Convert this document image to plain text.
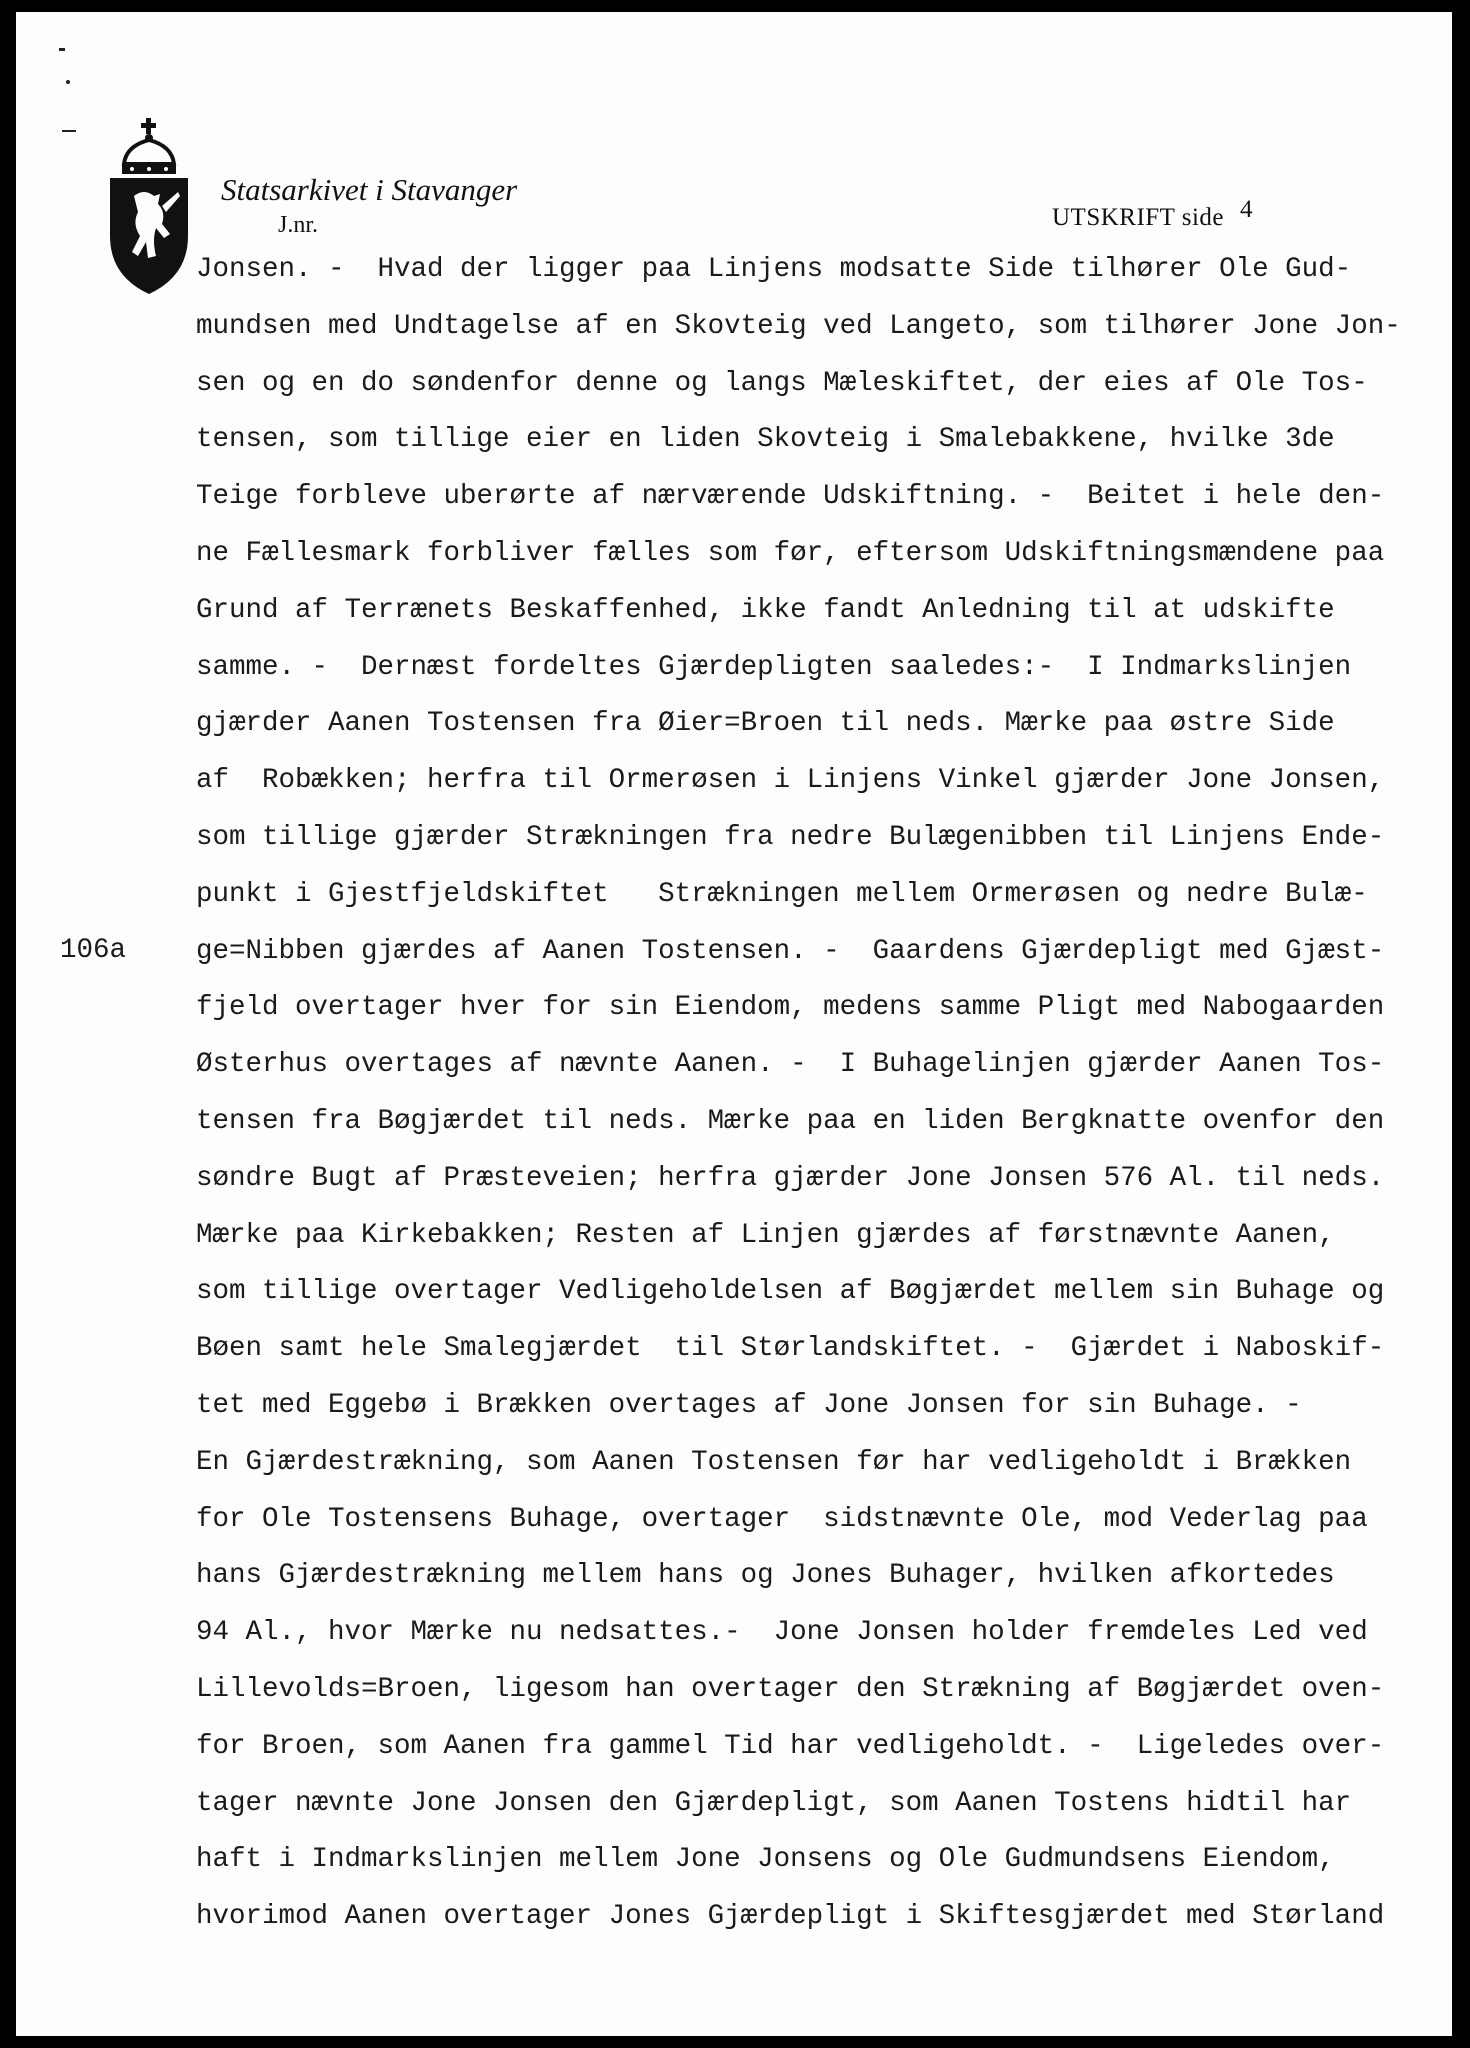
Statsarkivet i Stavanger
J.nr.	UTSKRIFT side 4
106a
Jonsen. -  Hvad der ligger paa Linjens modsatte Side tilhører Ole Gud-
mundsen med Undtagelse af en Skovteig ved Langeto, som tilhører Jone Jon-
sen og en do søndenfor denne og langs Mæleskiftet, der eies af Ole Tos-
tensen, som tillige eier en liden Skovteig i Smalebakkene, hvilke 3de
Teige forbleve uberørte af nærværende Udskiftning. -  Beitet i hele den-
ne Fællesmark forbliver fælles som før, eftersom Udskiftningsmændene paa
Grund af Terrænets Beskaffenhed, ikke fandt Anledning til at udskifte
samme. -  Dernæst fordeltes Gjærdepligten saaledes:-  I Indmarkslinjen
gjærder Aanen Tostensen fra Øier=Broen til neds. Mærke paa østre Side
af  Robækken; herfra til Ormerøsen i Linjens Vinkel gjærder Jone Jonsen,
som tillige gjærder Strækningen fra nedre Bulægenibben til Linjens Ende-
punkt i Gjestfjeldskiftet   Strækningen mellem Ormerøsen og nedre Bulæ-
ge=Nibben gjærdes af Aanen Tostensen. -  Gaardens Gjærdepligt med Gjæst-
fjeld overtager hver for sin Eiendom, medens samme Pligt med Nabogaarden
Østerhus overtages af nævnte Aanen. -  I Buhagelinjen gjærder Aanen Tos-
tensen fra Bøgjærdet til neds. Mærke paa en liden Bergknatte ovenfor den
søndre Bugt af Præsteveien; herfra gjærder Jone Jonsen 576 Al. til neds.
Mærke paa Kirkebakken; Resten af Linjen gjærdes af førstnævnte Aanen,
som tillige overtager Vedligeholdelsen af Bøgjærdet mellem sin Buhage og
Bøen samt hele Smalegjærdet  til Størlandskiftet. -  Gjærdet i Naboskif-
tet med Eggebø i Brækken overtages af Jone Jonsen for sin Buhage. -
En Gjærdestrækning, som Aanen Tostensen før har vedligeholdt i Brækken
for Ole Tostensens Buhage, overtager  sidstnævnte Ole, mod Vederlag paa
hans Gjærdestrækning mellem hans og Jones Buhager, hvilken afkortedes
94 Al., hvor Mærke nu nedsattes.-  Jone Jonsen holder fremdeles Led ved
Lillevolds=Broen, ligesom han overtager den Strækning af Bøgjærdet oven-
for Broen, som Aanen fra gammel Tid har vedligeholdt. -  Ligeledes over-
tager nævnte Jone Jonsen den Gjærdepligt, som Aanen Tostens hidtil har
haft i Indmarkslinjen mellem Jone Jonsens og Ole Gudmundsens Eiendom,
hvorimod Aanen overtager Jones Gjærdepligt i Skiftesgjærdet med Størland
